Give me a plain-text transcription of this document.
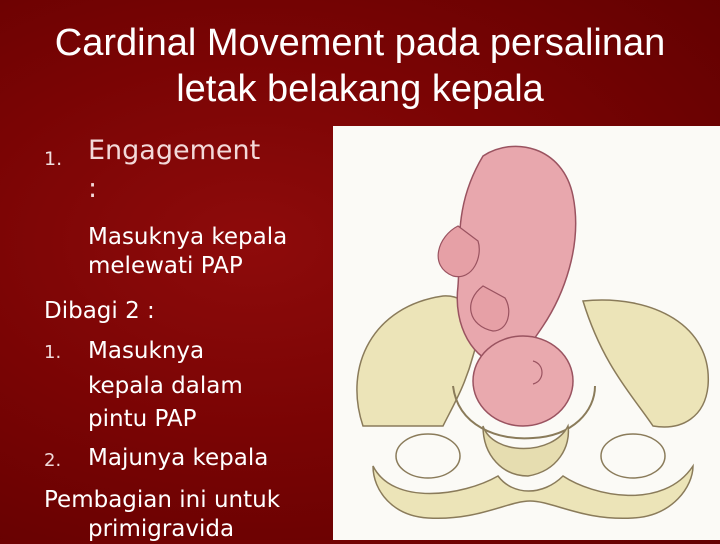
Cardinal Movement pada persalinan
letak belakang kepala
1. Engagement
:
Masuknya kepala
melewati PAP
Dibagi 2 :
1. Masuknya
kepala dalam
pintu PAP
2. Majunya kepala
Pembagian ini untuk
primigravida
